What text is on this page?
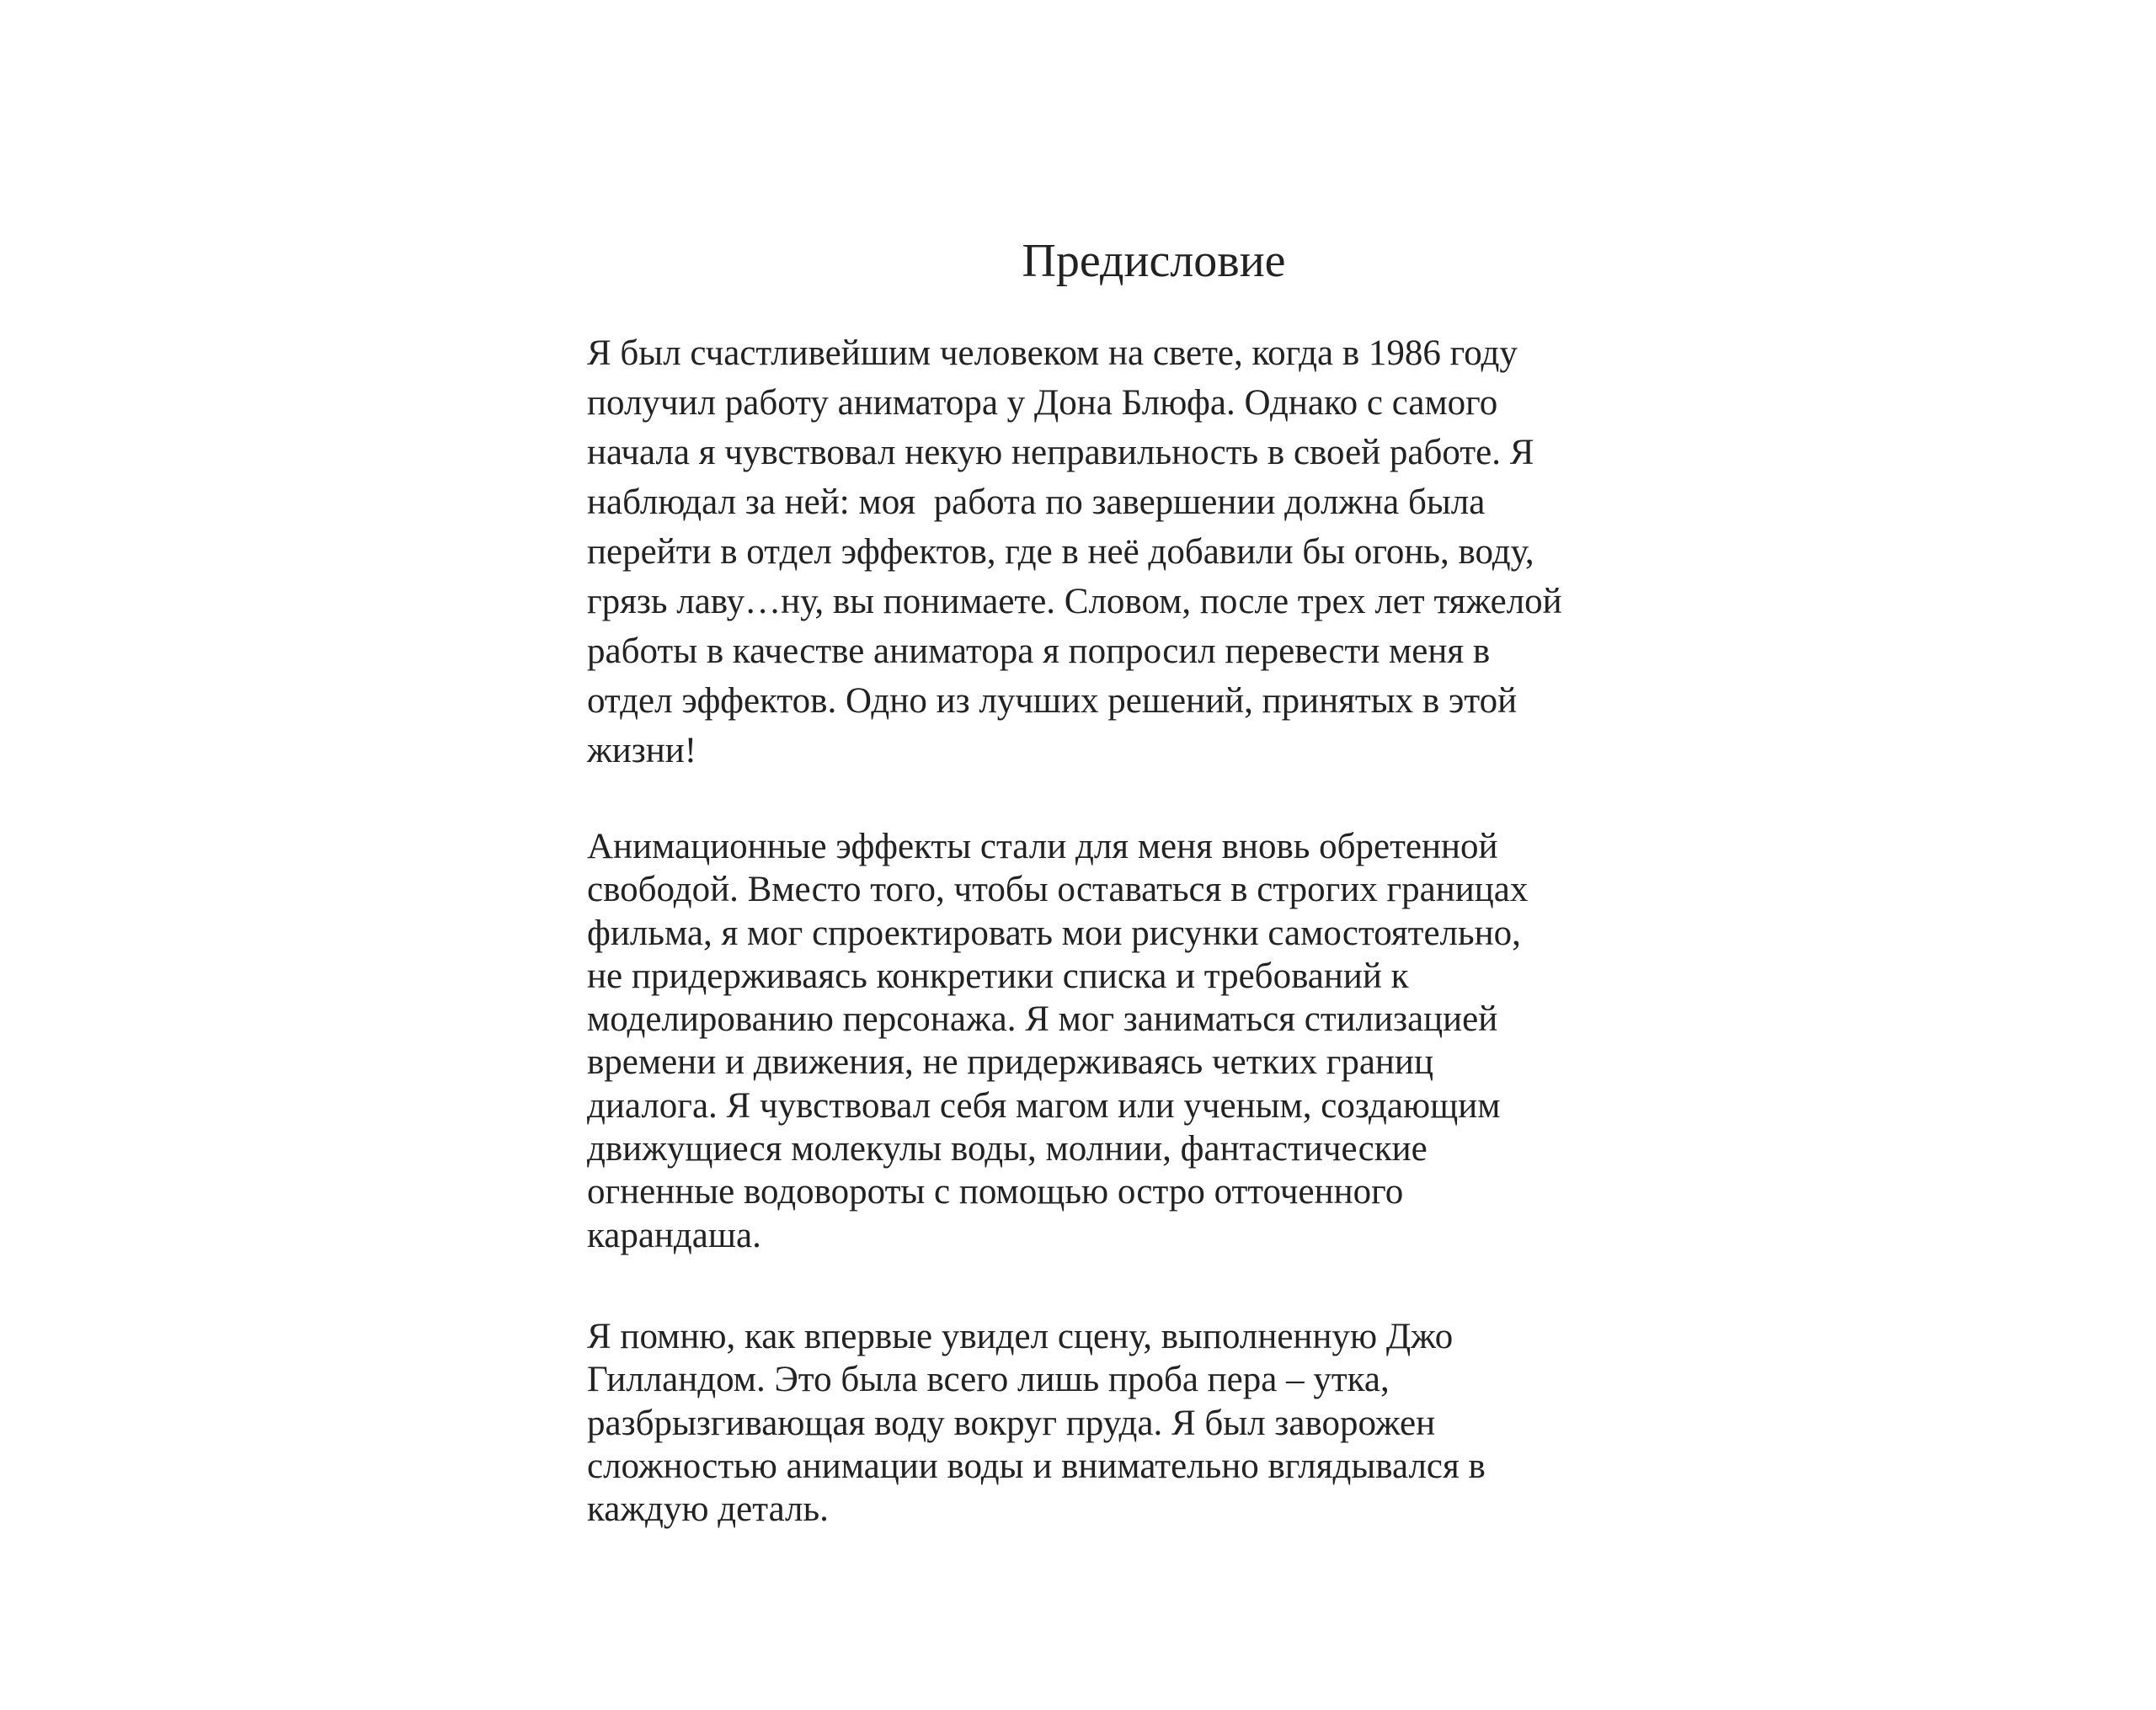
Предисловие

Я был счастливейшим человеком на свете, когда в 1986 году
получил работу аниматора у Дона Блюфа. Однако с самого
начала я чувствовал некую неправильность в своей работе. Я
наблюдал за ней: моя  работа по завершении должна была
перейти в отдел эффектов, где в неё добавили бы огонь, воду,
грязь лаву…ну, вы понимаете. Словом, после трех лет тяжелой
работы в качестве аниматора я попросил перевести меня в
отдел эффектов. Одно из лучших решений, принятых в этой
жизни!

Анимационные эффекты стали для меня вновь обретенной
свободой. Вместо того, чтобы оставаться в строгих границах
фильма, я мог спроектировать мои рисунки самостоятельно,
не придерживаясь конкретики списка и требований к
моделированию персонажа. Я мог заниматься стилизацией
времени и движения, не придерживаясь четких границ
диалога. Я чувствовал себя магом или ученым, создающим
движущиеся молекулы воды, молнии, фантастические
огненные водовороты с помощью остро отточенного
карандаша.

Я помню, как впервые увидел сцену, выполненную Джо
Гилландом. Это была всего лишь проба пера – утка,
разбрызгивающая воду вокруг пруда. Я был заворожен
сложностью анимации воды и внимательно вглядывался в
каждую деталь.
